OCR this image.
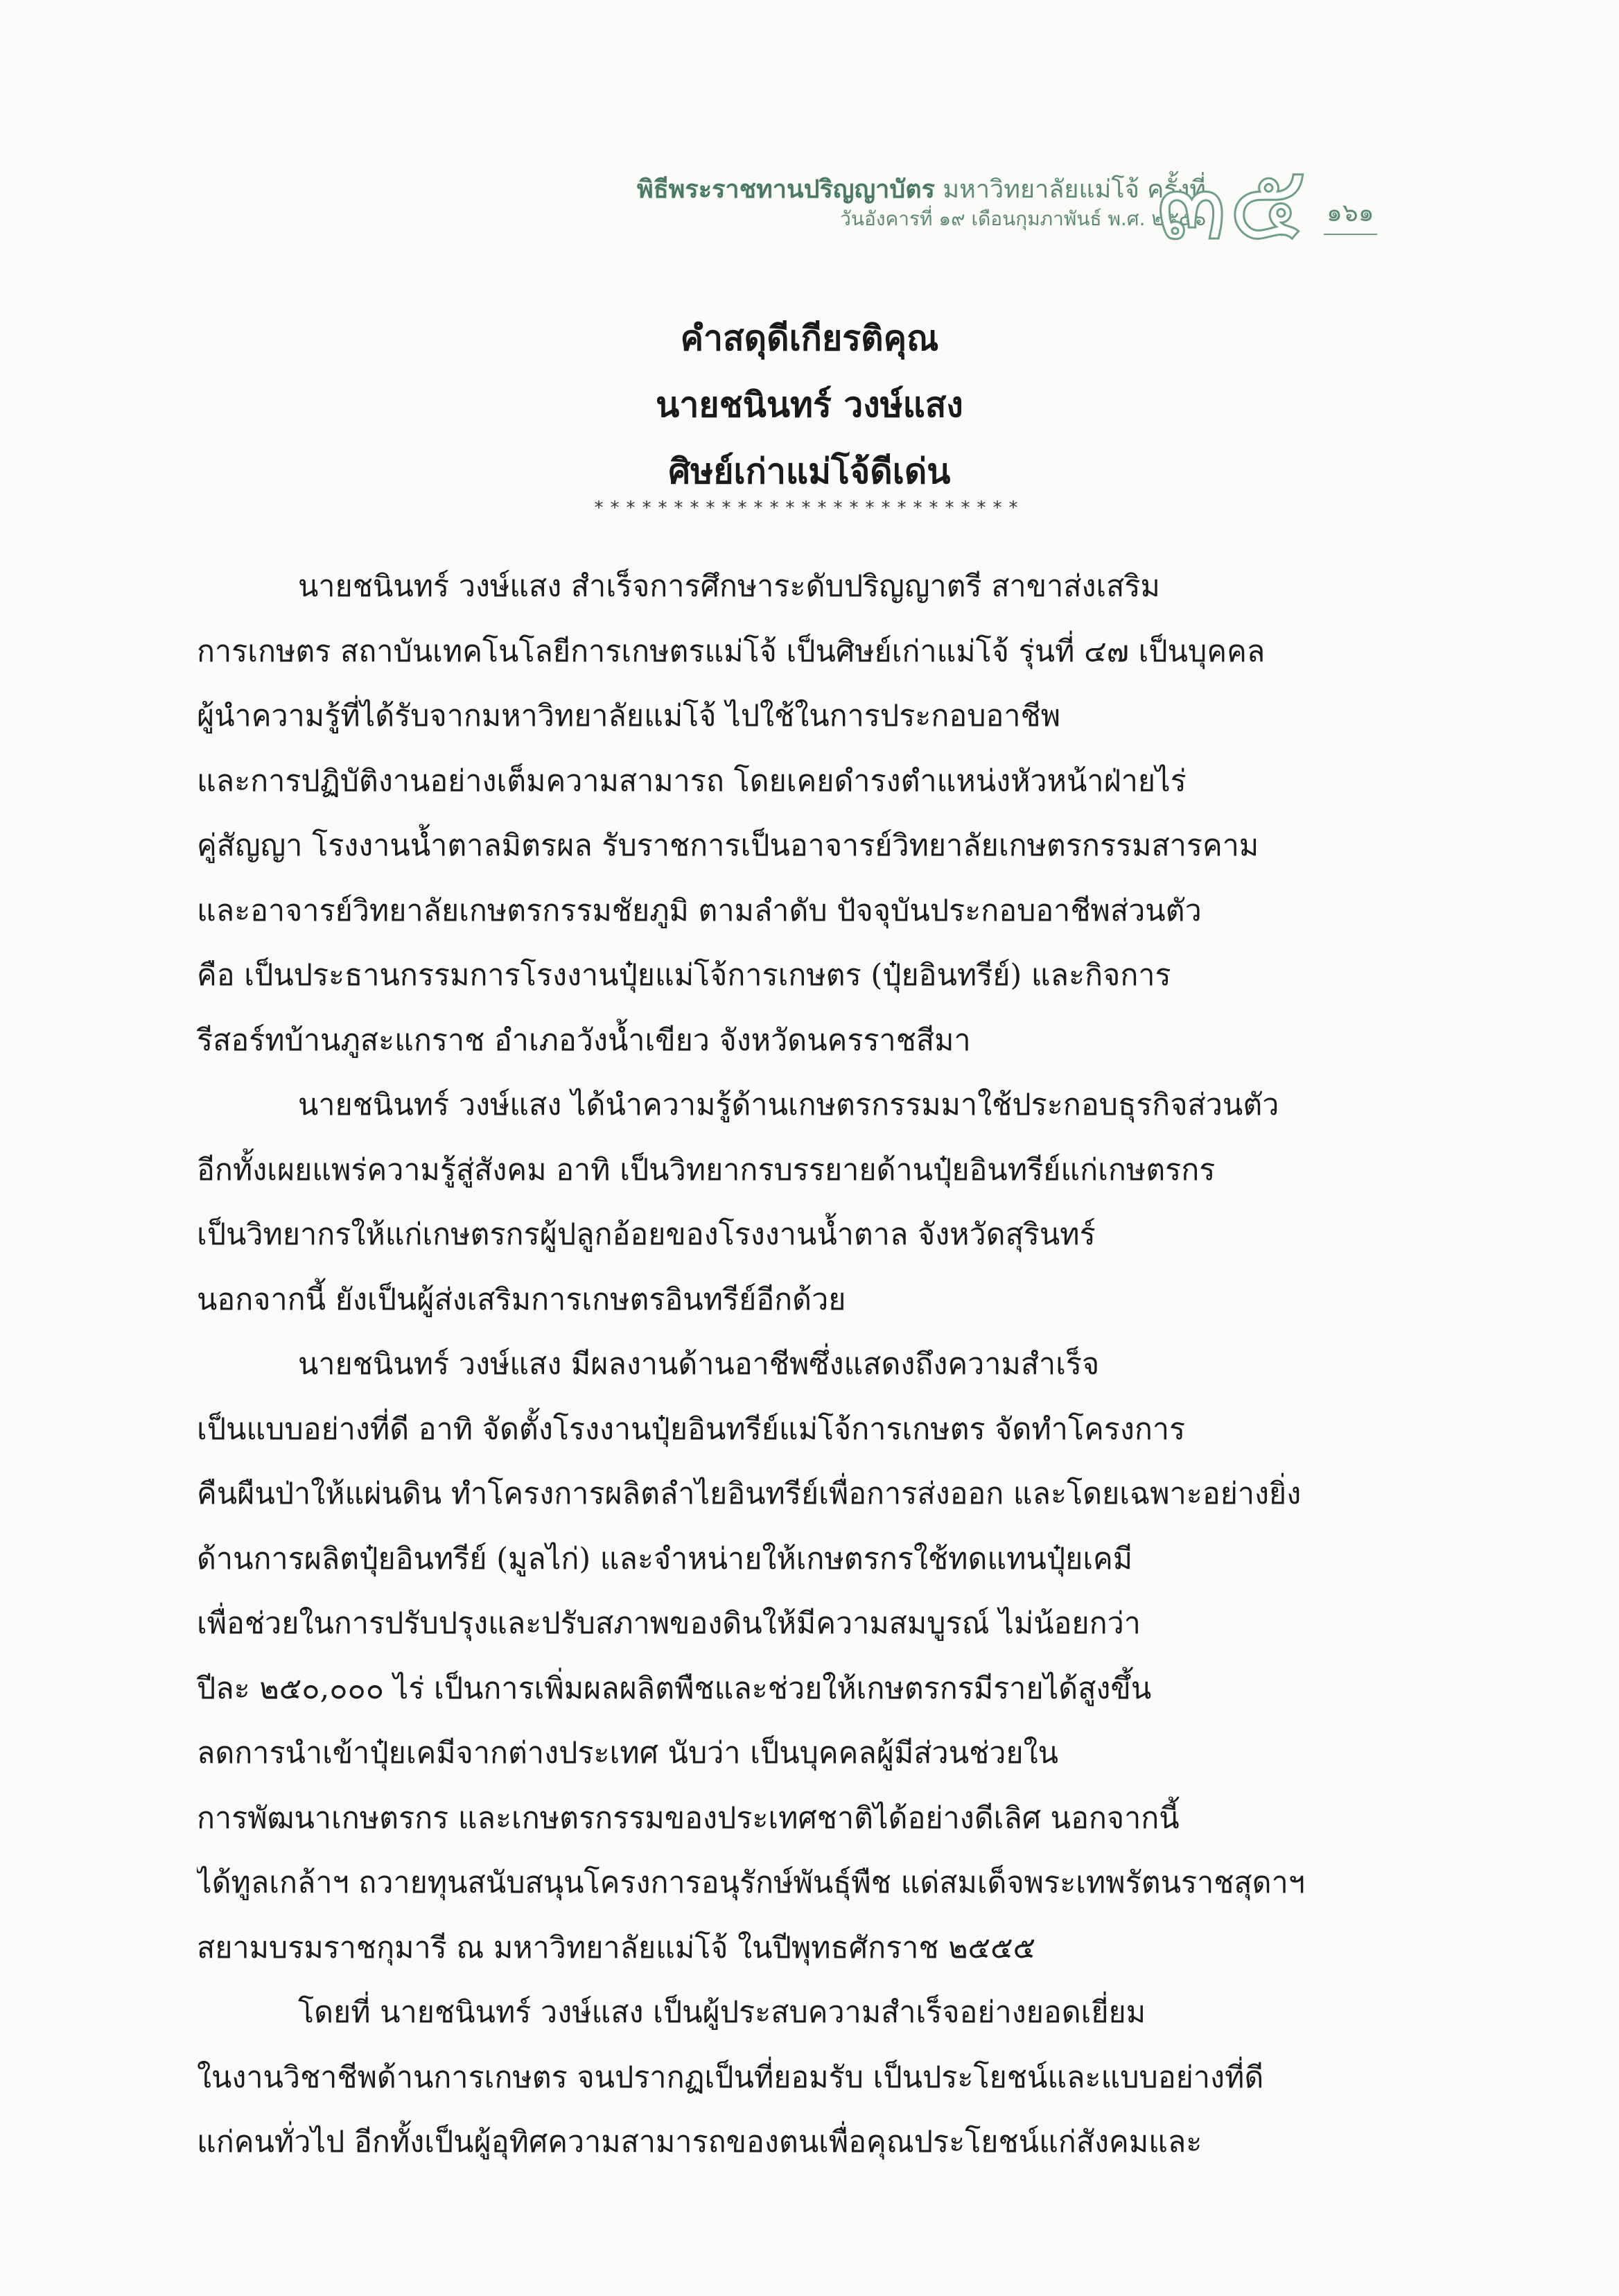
พิธีพระราชทานปริญญาบัตร มหาวิทยาลัยแม่โจ้ ครั้งที่
วันอังคารที่ ๑๙ เดือนกุมภาพันธ์ พ.ศ. ๒๕๕๖
๓๕ ๑๖๑
คำสดุดีเกียรติคุณ
นายชนินทร์ วงษ์แสง
ศิษย์เก่าแม่โจ้ดีเด่น
***************************
นายชนินทร์ วงษ์แสง สำเร็จการศึกษาระดับปริญญาตรี สาขาส่งเสริม
การเกษตร สถาบันเทคโนโลยีการเกษตรแม่โจ้ เป็นศิษย์เก่าแม่โจ้ รุ่นที่ ๔๗ เป็นบุคคล
ผู้นำความรู้ที่ได้รับจากมหาวิทยาลัยแม่โจ้ ไปใช้ในการประกอบอาชีพ
และการปฏิบัติงานอย่างเต็มความสามารถ โดยเคยดำรงตำแหน่งหัวหน้าฝ่ายไร่
คู่สัญญา โรงงานน้ำตาลมิตรผล รับราชการเป็นอาจารย์วิทยาลัยเกษตรกรรมสารคาม
และอาจารย์วิทยาลัยเกษตรกรรมชัยภูมิ ตามลำดับ ปัจจุบันประกอบอาชีพส่วนตัว
คือ เป็นประธานกรรมการโรงงานปุ๋ยแม่โจ้การเกษตร (ปุ๋ยอินทรีย์) และกิจการ
รีสอร์ทบ้านภูสะแกราช อำเภอวังน้ำเขียว จังหวัดนครราชสีมา
นายชนินทร์ วงษ์แสง ได้นำความรู้ด้านเกษตรกรรมมาใช้ประกอบธุรกิจส่วนตัว
อีกทั้งเผยแพร่ความรู้สู่สังคม อาทิ เป็นวิทยากรบรรยายด้านปุ๋ยอินทรีย์แก่เกษตรกร
เป็นวิทยากรให้แก่เกษตรกรผู้ปลูกอ้อยของโรงงานน้ำตาล จังหวัดสุรินทร์
นอกจากนี้ ยังเป็นผู้ส่งเสริมการเกษตรอินทรีย์อีกด้วย
นายชนินทร์ วงษ์แสง มีผลงานด้านอาชีพซึ่งแสดงถึงความสำเร็จ
เป็นแบบอย่างที่ดี อาทิ จัดตั้งโรงงานปุ๋ยอินทรีย์แม่โจ้การเกษตร จัดทำโครงการ
คืนผืนป่าให้แผ่นดิน ทำโครงการผลิตลำไยอินทรีย์เพื่อการส่งออก และโดยเฉพาะอย่างยิ่ง
ด้านการผลิตปุ๋ยอินทรีย์ (มูลไก่) และจำหน่ายให้เกษตรกรใช้ทดแทนปุ๋ยเคมี
เพื่อช่วยในการปรับปรุงและปรับสภาพของดินให้มีความสมบูรณ์ ไม่น้อยกว่า
ปีละ ๒๕๐,๐๐๐ ไร่ เป็นการเพิ่มผลผลิตพืชและช่วยให้เกษตรกรมีรายได้สูงขึ้น
ลดการนำเข้าปุ๋ยเคมีจากต่างประเทศ นับว่า เป็นบุคคลผู้มีส่วนช่วยใน
การพัฒนาเกษตรกร และเกษตรกรรมของประเทศชาติได้อย่างดีเลิศ นอกจากนี้
ได้ทูลเกล้าฯ ถวายทุนสนับสนุนโครงการอนุรักษ์พันธุ์พืช แด่สมเด็จพระเทพรัตนราชสุดาฯ
สยามบรมราชกุมารี ณ มหาวิทยาลัยแม่โจ้ ในปีพุทธศักราช ๒๕๕๕
โดยที่ นายชนินทร์ วงษ์แสง เป็นผู้ประสบความสำเร็จอย่างยอดเยี่ยม
ในงานวิชาชีพด้านการเกษตร จนปรากฏเป็นที่ยอมรับ เป็นประโยชน์และแบบอย่างที่ดี
แก่คนทั่วไป อีกทั้งเป็นผู้อุทิศความสามารถของตนเพื่อคุณประโยชน์แก่สังคมและ
